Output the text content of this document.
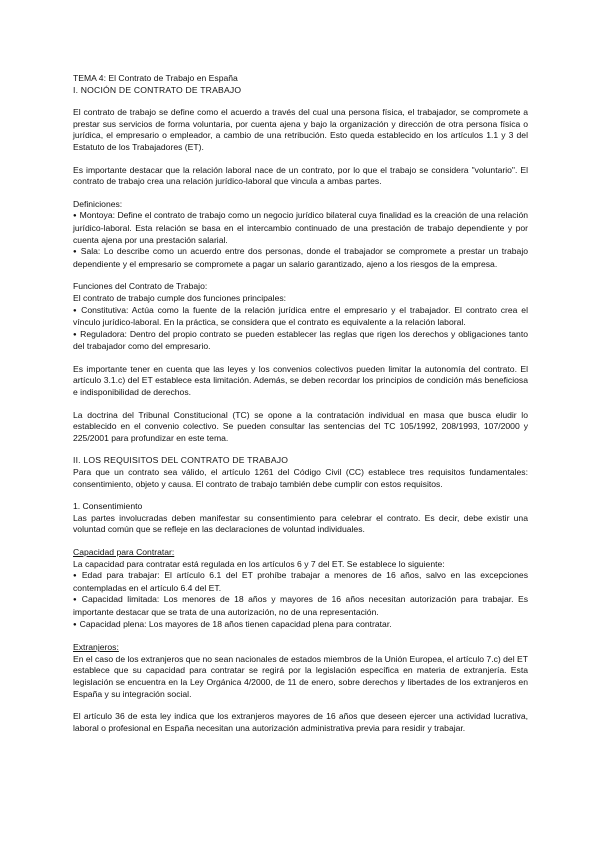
TEMA 4: El Contrato de Trabajo en España

I. NOCIÓN DE CONTRATO DE TRABAJO

El contrato de trabajo se define como el acuerdo a través del cual una persona física, el trabajador, se compromete a prestar sus servicios de forma voluntaria, por cuenta ajena y bajo la organización y dirección de otra persona física o jurídica, el empresario o empleador, a cambio de una retribución. Esto queda establecido en los artículos 1.1 y 3 del Estatuto de los Trabajadores (ET).

Es importante destacar que la relación laboral nace de un contrato, por lo que el trabajo se considera "voluntario". El contrato de trabajo crea una relación jurídico-laboral que vincula a ambas partes.

Definiciones:

● Montoya: Define el contrato de trabajo como un negocio jurídico bilateral cuya finalidad es la creación de una relación jurídico-laboral. Esta relación se basa en el intercambio continuado de una prestación de trabajo dependiente y por cuenta ajena por una prestación salarial.

● Sala: Lo describe como un acuerdo entre dos personas, donde el trabajador se compromete a prestar un trabajo dependiente y el empresario se compromete a pagar un salario garantizado, ajeno a los riesgos de la empresa.

Funciones del Contrato de Trabajo:

El contrato de trabajo cumple dos funciones principales:

● Constitutiva: Actúa como la fuente de la relación jurídica entre el empresario y el trabajador. El contrato crea el vínculo jurídico-laboral. En la práctica, se considera que el contrato es equivalente a la relación laboral.

● Reguladora: Dentro del propio contrato se pueden establecer las reglas que rigen los derechos y obligaciones tanto del trabajador como del empresario.

Es importante tener en cuenta que las leyes y los convenios colectivos pueden limitar la autonomía del contrato. El artículo 3.1.c) del ET establece esta limitación. Además, se deben recordar los principios de condición más beneficiosa e indisponibilidad de derechos.

La doctrina del Tribunal Constitucional (TC) se opone a la contratación individual en masa que busca eludir lo establecido en el convenio colectivo. Se pueden consultar las sentencias del TC 105/1992, 208/1993, 107/2000 y 225/2001 para profundizar en este tema.

II. LOS REQUISITOS DEL CONTRATO DE TRABAJO

Para que un contrato sea válido, el artículo 1261 del Código Civil (CC) establece tres requisitos fundamentales: consentimiento, objeto y causa. El contrato de trabajo también debe cumplir con estos requisitos.

1. Consentimiento

Las partes involucradas deben manifestar su consentimiento para celebrar el contrato. Es decir, debe existir una voluntad común que se refleje en las declaraciones de voluntad individuales.

Capacidad para Contratar:

La capacidad para contratar está regulada en los artículos 6 y 7 del ET. Se establece lo siguiente:

● Edad para trabajar: El artículo 6.1 del ET prohíbe trabajar a menores de 16 años, salvo en las excepciones contempladas en el artículo 6.4 del ET.

● Capacidad limitada: Los menores de 18 años y mayores de 16 años necesitan autorización para trabajar. Es importante destacar que se trata de una autorización, no de una representación.

● Capacidad plena: Los mayores de 18 años tienen capacidad plena para contratar.

Extranjeros:

En el caso de los extranjeros que no sean nacionales de estados miembros de la Unión Europea, el artículo 7.c) del ET establece que su capacidad para contratar se regirá por la legislación específica en materia de extranjería. Esta legislación se encuentra en la Ley Orgánica 4/2000, de 11 de enero, sobre derechos y libertades de los extranjeros en España y su integración social.

El artículo 36 de esta ley indica que los extranjeros mayores de 16 años que deseen ejercer una actividad lucrativa, laboral o profesional en España necesitan una autorización administrativa previa para residir y trabajar.
